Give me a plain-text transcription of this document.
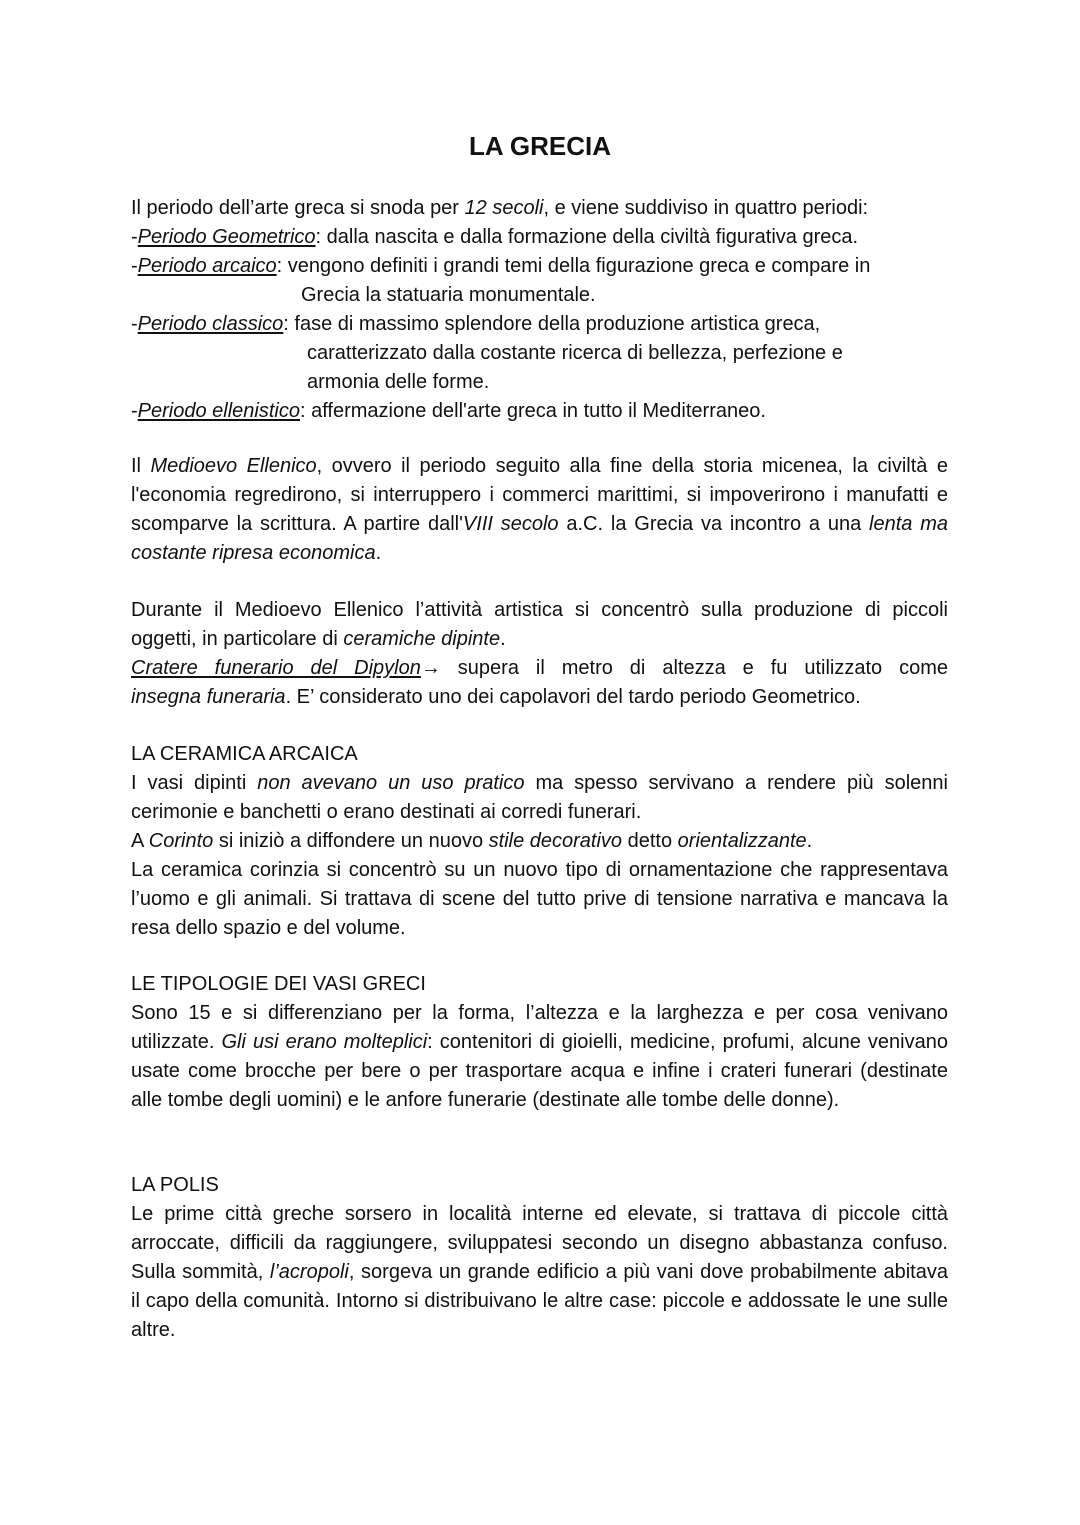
LA GRECIA
Il periodo dell’arte greca si snoda per 12 secoli, e viene suddiviso in quattro periodi:
-Periodo Geometrico: dalla nascita e dalla formazione della civiltà figurativa greca.
-Periodo arcaico: vengono definiti i grandi temi della figurazione greca e compare in
Grecia la statuaria monumentale.
-Periodo classico: fase di massimo splendore della produzione artistica greca,
caratterizzato dalla costante ricerca di bellezza, perfezione e
armonia delle forme.
-Periodo ellenistico: affermazione dell'arte greca in tutto il Mediterraneo.

Il Medioevo Ellenico, ovvero il periodo seguito alla fine della storia micenea, la civiltà e l'economia regredirono, si interruppero i commerci marittimi, si impoverirono i manufatti e scomparve la scrittura. A partire dall'VIII secolo a.C. la Grecia va incontro a una lenta ma costante ripresa economica.

Durante il Medioevo Ellenico l’attività artistica si concentrò sulla produzione di piccoli oggetti, in particolare di ceramiche dipinte.

Cratere funerario del Dipylon→ supera il metro di altezza e fu utilizzato come
insegna funeraria. E’ considerato uno dei capolavori del tardo periodo Geometrico.

LA CERAMICA ARCAICA
I vasi dipinti non avevano un uso pratico ma spesso servivano a rendere più solenni cerimonie e banchetti o erano destinati ai corredi funerari.
A Corinto si iniziò a diffondere un nuovo stile decorativo detto orientalizzante.
La ceramica corinzia si concentrò su un nuovo tipo di ornamentazione che rappresentava l’uomo e gli animali. Si trattava di scene del tutto prive di tensione narrativa e mancava la resa dello spazio e del volume.
LE TIPOLOGIE DEI VASI GRECI
Sono 15 e si differenziano per la forma, l’altezza e la larghezza e per cosa venivano utilizzate. Gli usi erano molteplici: contenitori di gioielli, medicine, profumi, alcune venivano usate come brocche per bere o per trasportare acqua e infine i crateri funerari (destinate alle tombe degli uomini) e le anfore funerarie (destinate alle tombe delle donne).
LA POLIS
Le prime città greche sorsero in località interne ed elevate, si trattava di piccole città arroccate, difficili da raggiungere, sviluppatesi secondo un disegno abbastanza confuso. Sulla sommità, l’acropoli, sorgeva un grande edificio a più vani dove probabilmente abitava il capo della comunità. Intorno si distribuivano le altre case: piccole e addossate le une sulle altre.
